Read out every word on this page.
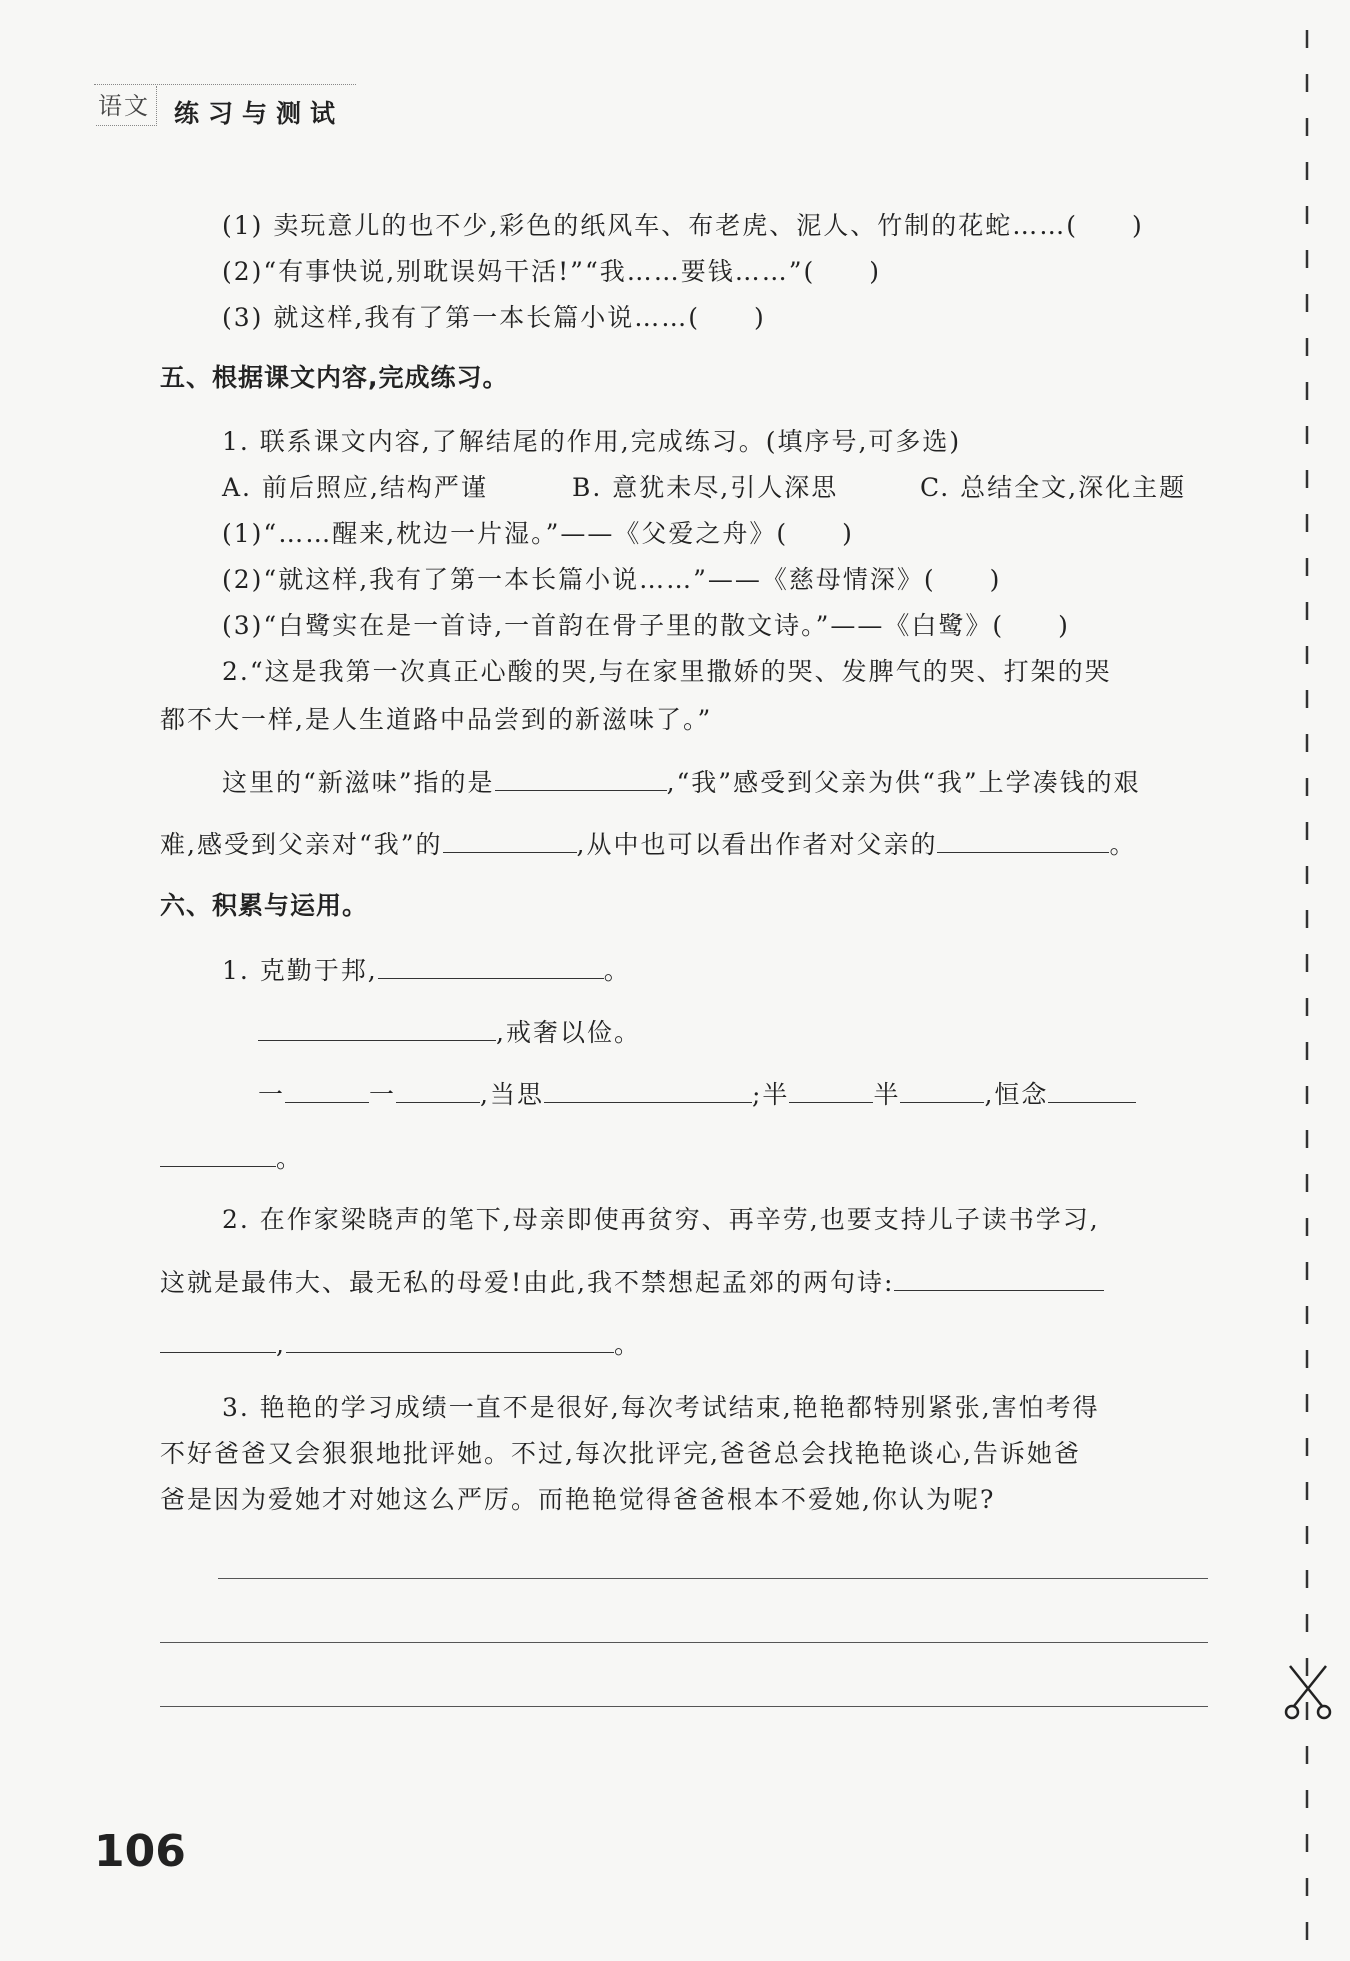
语文 练习与测试
(1) 卖玩意儿的也不少,彩色的纸风车、布老虎、泥人、竹制的花蛇……(　　)
(2)“有事快说,别耽误妈干活!”“我……要钱……”(　　)
(3) 就这样,我有了第一本长篇小说……(　　)
五、根据课文内容,完成练习。
1. 联系课文内容,了解结尾的作用,完成练习。(填序号,可多选)
A. 前后照应,结构严谨	B. 意犹未尽,引人深思	C. 总结全文,深化主题
(1)“……醒来,枕边一片湿。”——《父爱之舟》(　　)
(2)“就这样,我有了第一本长篇小说……”——《慈母情深》(　　)
(3)“白鹭实在是一首诗,一首韵在骨子里的散文诗。”——《白鹭》(　　)
2.“这是我第一次真正心酸的哭,与在家里撒娇的哭、发脾气的哭、打架的哭
都不大一样,是人生道路中品尝到的新滋味了。”
这里的“新滋味”指的是	,“我”感受到父亲为供“我”上学凑钱的艰
难,感受到父亲对“我”的	,从中也可以看出作者对父亲的	。
六、积累与运用。
1. 克勤于邦,	。
,戒奢以俭。
一	一	,当思	;半	半	,恒念
。
2. 在作家梁晓声的笔下,母亲即使再贫穷、再辛劳,也要支持儿子读书学习,
这就是最伟大、最无私的母爱!由此,我不禁想起孟郊的两句诗:
,	。
3. 艳艳的学习成绩一直不是很好,每次考试结束,艳艳都特别紧张,害怕考得
不好爸爸又会狠狠地批评她。不过,每次批评完,爸爸总会找艳艳谈心,告诉她爸
爸是因为爱她才对她这么严厉。而艳艳觉得爸爸根本不爱她,你认为呢?
106
